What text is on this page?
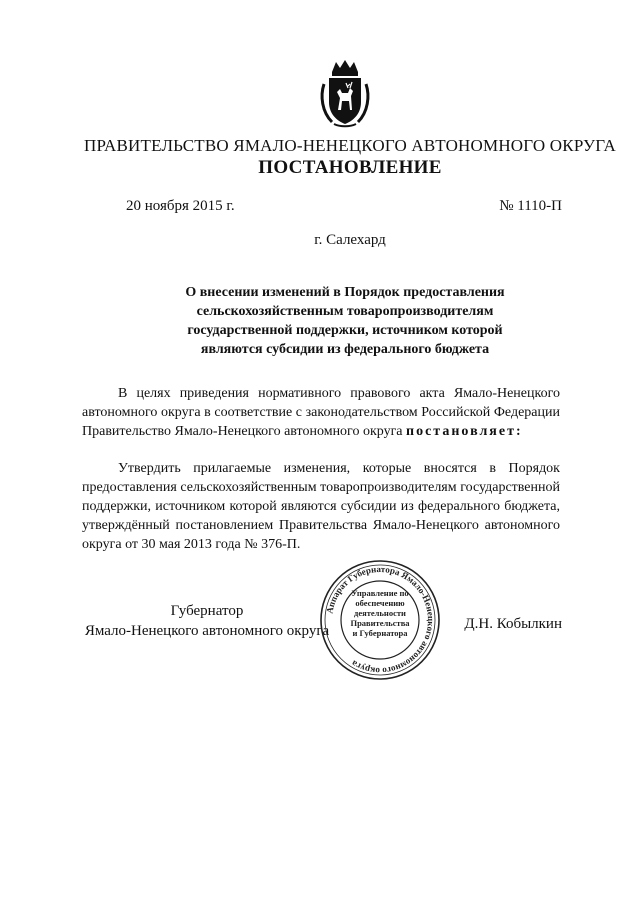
ПРАВИТЕЛЬСТВО ЯМАЛО-НЕНЕЦКОГО АВТОНОМНОГО ОКРУГА
ПОСТАНОВЛЕНИЕ
20 ноября 2015 г.	№ 1110-П
г. Салехард
О внесении изменений в Порядок предоставления
сельскохозяйственным товаропроизводителям
государственной поддержки, источником которой
являются субсидии из федерального бюджета
В целях приведения нормативного правового акта Ямало-Ненецкого автономного округа в соответствие с законодательством Российской Федерации Правительство Ямало-Ненецкого автономного округа постановляет:
Утвердить прилагаемые изменения, которые вносятся в Порядок предоставления сельскохозяйственным товаропроизводителям государственной поддержки, источником которой являются субсидии из федерального бюджета, утверждённый постановлением Правительства Ямало-Ненецкого автономного округа от 30 мая 2013 года № 376-П.
Губернатор
Ямало-Ненецкого автономного округа	Д.Н. Кобылкин
Аппарат Губернатора Ямало-Ненецкого автономного округа
Управление по
обеспечению
деятельности
Правительства
и Губернатора
